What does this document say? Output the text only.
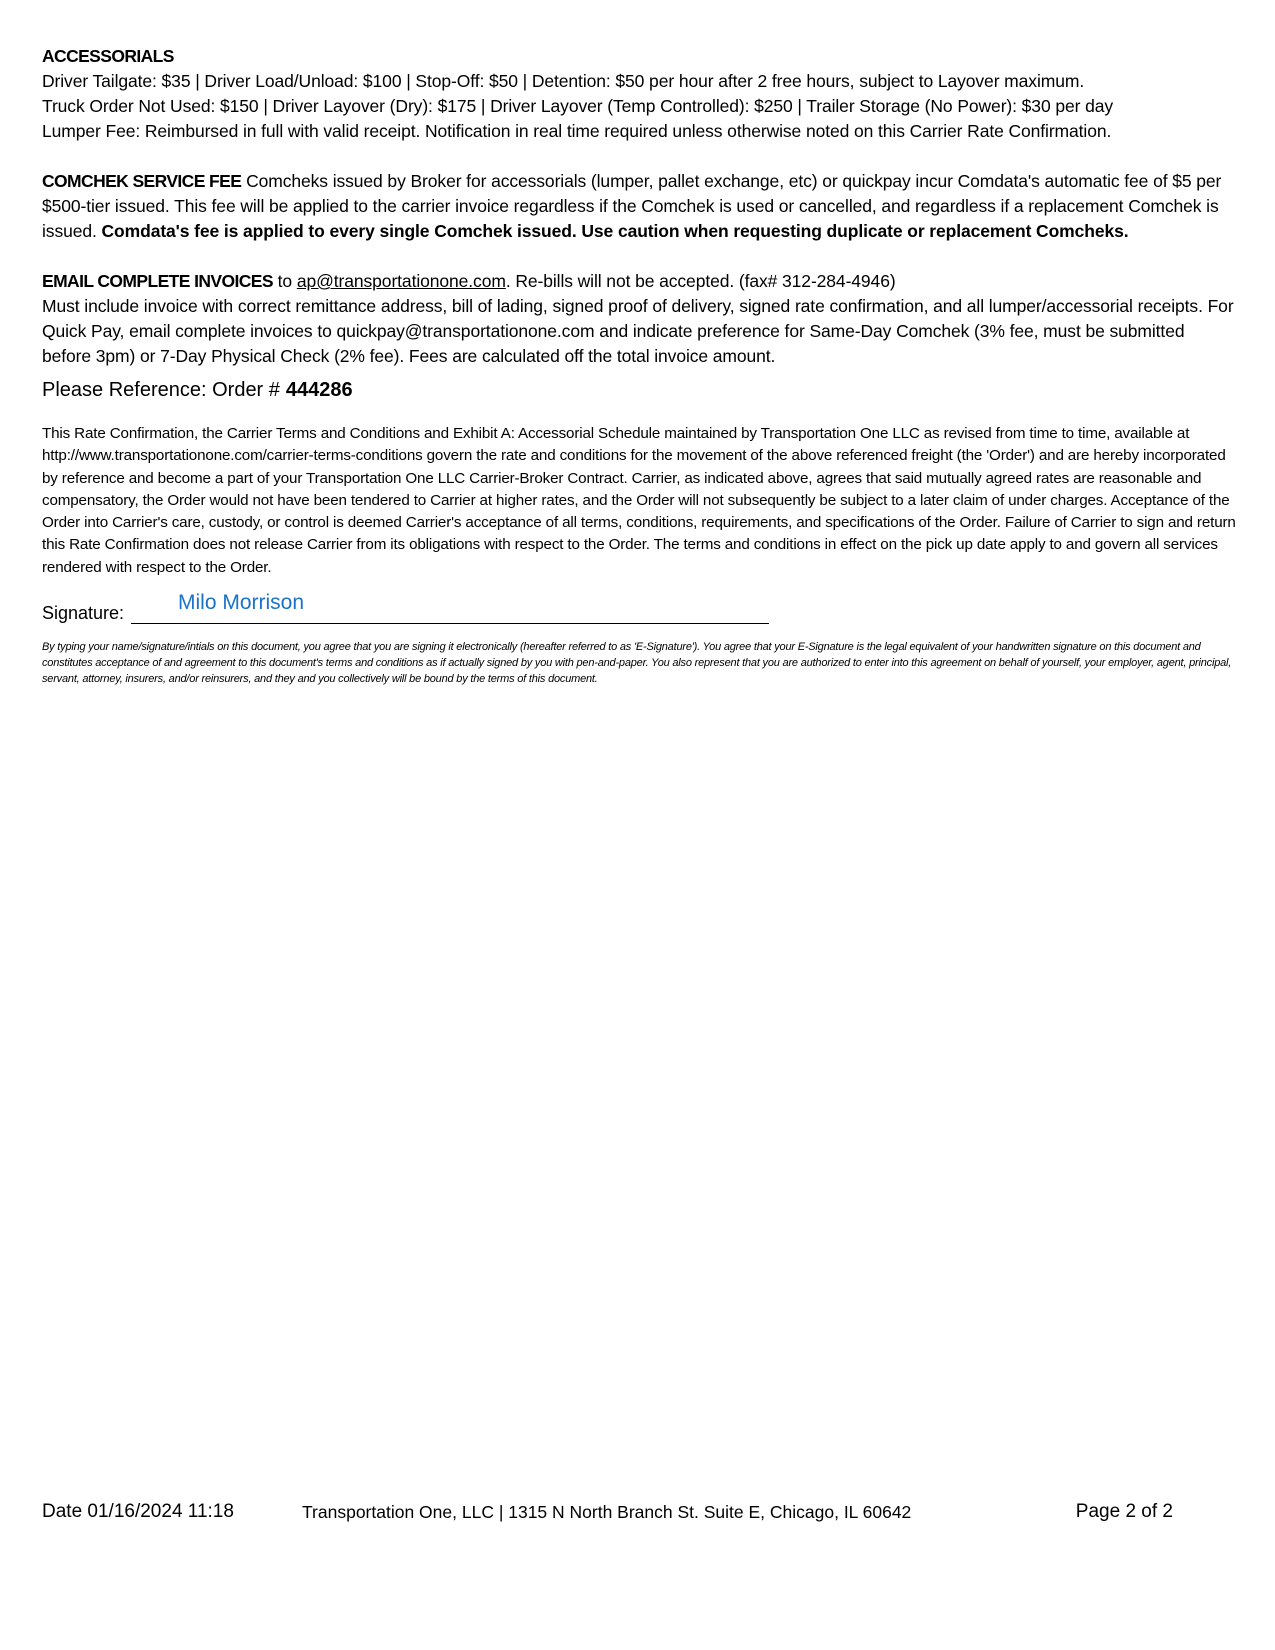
ACCESSORIALS

Driver Tailgate: $35 | Driver Load/Unload: $100 | Stop-Off: $50 | Detention: $50 per hour after 2 free hours, subject to Layover maximum.

Truck Order Not Used: $150 | Driver Layover (Dry): $175 | Driver Layover (Temp Controlled): $250 | Trailer Storage (No Power): $30 per day

Lumper Fee: Reimbursed in full with valid receipt. Notification in real time required unless otherwise noted on this Carrier Rate Confirmation.

COMCHEK SERVICE FEE Comcheks issued by Broker for accessorials (lumper, pallet exchange, etc) or quickpay incur Comdata's automatic fee of $5 per $500-tier issued. This fee will be applied to the carrier invoice regardless if the Comchek is used or cancelled, and regardless if a replacement Comchek is issued. Comdata's fee is applied to every single Comchek issued. Use caution when requesting duplicate or replacement Comcheks.

EMAIL COMPLETE INVOICES to ap@transportationone.com. Re-bills will not be accepted. (fax# 312-284-4946)

Must include invoice with correct remittance address, bill of lading, signed proof of delivery, signed rate confirmation, and all lumper/accessorial receipts. For Quick Pay, email complete invoices to quickpay@transportationone.com and indicate preference for Same-Day Comchek (3% fee, must be submitted before 3pm) or 7-Day Physical Check (2% fee). Fees are calculated off the total invoice amount.

Please Reference: Order # 444286

This Rate Confirmation, the Carrier Terms and Conditions and Exhibit A: Accessorial Schedule maintained by Transportation One LLC as revised from time to time, available at http://www.transportationone.com/carrier-terms-conditions govern the rate and conditions for the movement of the above referenced freight (the 'Order') and are hereby incorporated by reference and become a part of your Transportation One LLC Carrier-Broker Contract. Carrier, as indicated above, agrees that said mutually agreed rates are reasonable and compensatory, the Order would not have been tendered to Carrier at higher rates, and the Order will not subsequently be subject to a later claim of under charges. Acceptance of the Order into Carrier's care, custody, or control is deemed Carrier's acceptance of all terms, conditions, requirements, and specifications of the Order. Failure of Carrier to sign and return this Rate Confirmation does not release Carrier from its obligations with respect to the Order. The terms and conditions in effect on the pick up date apply to and govern all services rendered with respect to the Order.

Signature:	Milo Morrison

By typing your name/signature/intials on this document, you agree that you are signing it electronically (hereafter referred to as 'E-Signature'). You agree that your E-Signature is the legal equivalent of your handwritten signature on this document and constitutes acceptance of and agreement to this document's terms and conditions as if actually signed by you with pen-and-paper. You also represent that you are authorized to enter into this agreement on behalf of yourself, your employer, agent, principal, servant, attorney, insurers, and/or reinsurers, and they and you collectively will be bound by the terms of this document.

Date 01/16/2024 11:18	Transportation One, LLC | 1315 N North Branch St. Suite E, Chicago, IL 60642	Page 2 of 2
